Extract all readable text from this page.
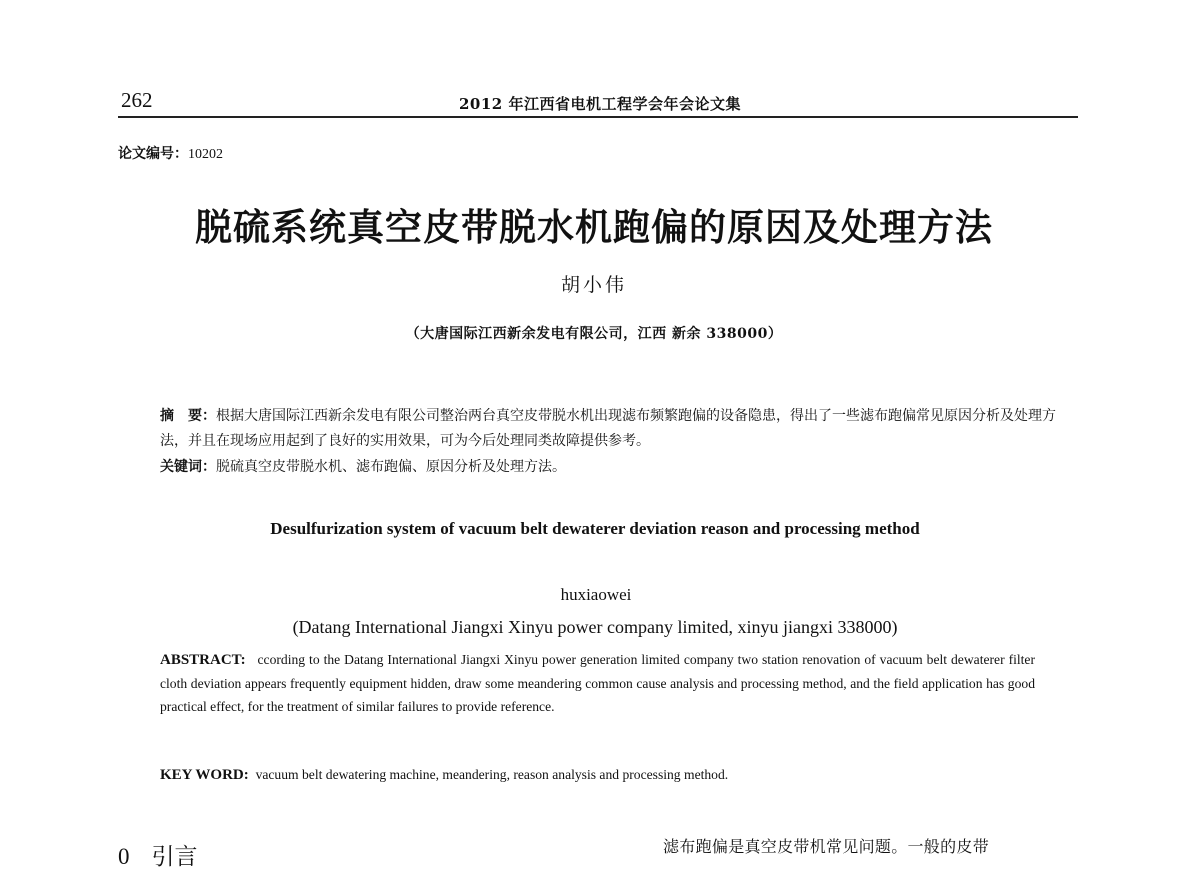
262	2012 年江西省电机工程学会年会论文集
论文编号：10202
脱硫系统真空皮带脱水机跑偏的原因及处理方法
胡小伟
（大唐国际江西新余发电有限公司，江西 新余 338000）
摘　要：根据大唐国际江西新余发电有限公司整治两台真空皮带脱水机出现滤布频繁跑偏的设备隐患，得出了一些滤布跑偏常见原因分析及处理方法，并且在现场应用起到了良好的实用效果，可为今后处理同类故障提供参考。
关键词：脱硫真空皮带脱水机、滤布跑偏、原因分析及处理方法。
Desulfurization system of vacuum belt dewaterer deviation reason and processing method
huxiaowei
(Datang International Jiangxi Xinyu power company limited, xinyu jiangxi 338000)
ABSTRACT: ccording to the Datang International Jiangxi Xinyu power generation limited company two station renovation of vacuum belt dewaterer filter cloth deviation appears frequently equipment hidden, draw some meandering common cause analysis and processing method, and the field application has good practical effect, for the treatment of similar failures to provide reference.
KEY WORD: vacuum belt dewatering machine, meandering, reason analysis and processing method.
0 引言	滤布跑偏是真空皮带机常见问题。一般的皮带
